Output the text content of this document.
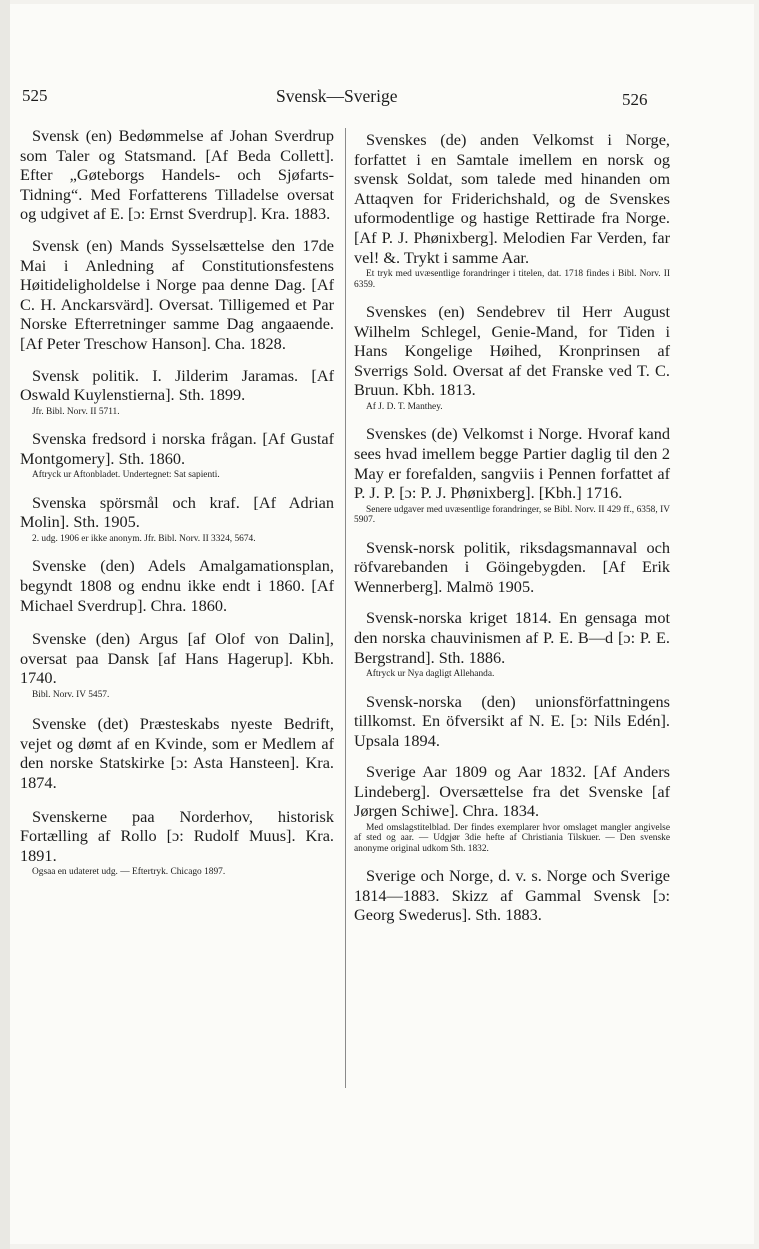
525	Svensk—Sverige	526
Svensk (en) Bedømmelse af Johan Sverdrup som Taler og Statsmand. [Af Beda Collett]. Efter „Gøteborgs Handels- och Sjøfarts-Tidning“. Med Forfatterens Tilladelse oversat og udgivet af E. [ɔ: Ernst Sverdrup]. Kra. 1883.
Svensk (en) Mands Sysselsættelse den 17de Mai i Anledning af Constitutionsfestens Høitideligholdelse i Norge paa denne Dag. [Af C. H. Anckarsvärd]. Oversat. Tilligemed et Par Norske Efterretninger samme Dag angaaende. [Af Peter Treschow Hanson]. Cha. 1828.
Svensk politik. I. Jilderim Jaramas. [Af Oswald Kuylenstierna]. Sth. 1899.
Jfr. Bibl. Norv. II 5711.
Svenska fredsord i norska frågan. [Af Gustaf Montgomery]. Sth. 1860.
Aftryck ur Aftonbladet. Undertegnet: Sat sapienti.
Svenska spörsmål och kraf. [Af Adrian Molin]. Sth. 1905.
2. udg. 1906 er ikke anonym. Jfr. Bibl. Norv. II 3324, 5674.
Svenske (den) Adels Amalgamationsplan, begyndt 1808 og endnu ikke endt i 1860. [Af Michael Sverdrup]. Chra. 1860.
Svenske (den) Argus [af Olof von Dalin], oversat paa Dansk [af Hans Hagerup]. Kbh. 1740.
Bibl. Norv. IV 5457.
Svenske (det) Præsteskabs nyeste Bedrift, vejet og dømt af en Kvinde, som er Medlem af den norske Statskirke [ɔ: Asta Hansteen]. Kra. 1874.
Svenskerne paa Norderhov, historisk Fortælling af Rollo [ɔ: Rudolf Muus]. Kra. 1891.
Ogsaa en udateret udg. — Eftertryk. Chicago 1897.
Svenskes (de) anden Velkomst i Norge, forfattet i en Samtale imellem en norsk og svensk Soldat, som talede med hinanden om Attaqven for Friderichshald, og de Svenskes uformodentlige og hastige Rettirade fra Norge. [Af P. J. Phønixberg]. Melodien Far Verden, far vel! &. Trykt i samme Aar.
Et tryk med uvæsentlige forandringer i titelen, dat. 1718 findes i Bibl. Norv. II 6359.
Svenskes (en) Sendebrev til Herr August Wilhelm Schlegel, Genie-Mand, for Tiden i Hans Kongelige Høihed, Kronprinsen af Sverrigs Sold. Oversat af det Franske ved T. C. Bruun. Kbh. 1813.
Af J. D. T. Manthey.
Svenskes (de) Velkomst i Norge. Hvoraf kand sees hvad imellem begge Partier daglig til den 2 May er forefalden, sangviis i Pennen forfattet af P. J. P. [ɔ: P. J. Phønixberg]. [Kbh.] 1716.
Senere udgaver med uvæsentlige forandringer, se Bibl. Norv. II 429 ff., 6358, IV 5907.
Svensk-norsk politik, riksdagsmannaval och röfvarebanden i Göingebygden. [Af Erik Wennerberg]. Malmö 1905.
Svensk-norska kriget 1814. En gensaga mot den norska chauvinismen af P. E. B—d [ɔ: P. E. Bergstrand]. Sth. 1886.
Aftryck ur Nya dagligt Allehanda.
Svensk-norska (den) unionsförfattningens tillkomst. En öfversikt af N. E. [ɔ: Nils Edén]. Upsala 1894.
Sverige Aar 1809 og Aar 1832. [Af Anders Lindeberg]. Oversættelse fra det Svenske [af Jørgen Schiwe]. Chra. 1834.
Med omslagstitelblad. Der findes exemplarer hvor omslaget mangler angivelse af sted og aar. — Udgjør 3die hefte af Christiania Tilskuer. — Den svenske anonyme original udkom Sth. 1832.
Sverige och Norge, d. v. s. Norge och Sverige 1814—1883. Skizz af Gammal Svensk [ɔ: Georg Swederus]. Sth. 1883.
